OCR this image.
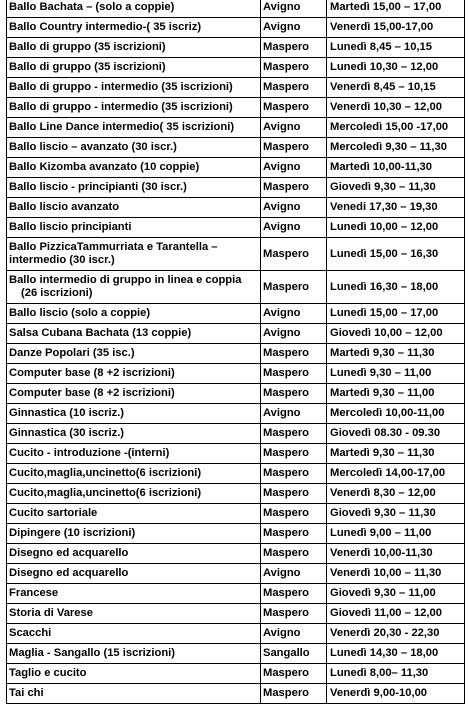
Ballo Bachata – (solo a coppie)	Avigno	Martedì 15,00 – 17,00
Ballo Country intermedio-( 35 iscriz)	Avigno	Venerdì 15,00-17,00
Ballo di gruppo (35 iscrizioni)	Maspero	Lunedì 8,45 – 10,15
Ballo di gruppo (35 iscrizioni)	Maspero	Lunedì 10,30 – 12,00
Ballo di gruppo - intermedio (35 iscrizioni)	Maspero	Venerdì 8,45 – 10,15
Ballo di gruppo - intermedio (35 iscrizioni)	Maspero	Venerdì 10,30 – 12,00
Ballo Line Dance intermedio( 35 iscrizioni)	Avigno	Mercoledì 15,00 -17,00
Ballo liscio – avanzato (30 iscr.)	Maspero	Mercoledì 9,30 – 11,30
Ballo Kizomba avanzato (10 coppie)	Avigno	Martedì 10,00-11,30
Ballo liscio - principianti (30 iscr.)	Maspero	Giovedì 9,30 – 11,30
Ballo liscio avanzato	Avigno	Venedi 17,30 – 19,30
Ballo liscio principianti	Avigno	Lunedì 10,00 – 12,00

Ballo PizzicaTammurriata e Tarantella –
intermedio (30 iscr.)	Maspero	Lunedì 15,00 – 16,30

Ballo intermedio di gruppo in linea e coppia
(26 iscrizioni)	Maspero	Lunedì 16,30 – 18,00
Ballo liscio (solo a coppie)	Avigno	Lunedì 15,00 – 17,00
Salsa Cubana Bachata (13 coppie)	Avigno	Giovedì 10,00 – 12,00
Danze Popolari (35 isc.)	Maspero	Martedì 9,30 – 11,30
Computer base (8 +2 iscrizioni)	Maspero	Lunedì 9,30 – 11,00
Computer base (8 +2 iscrizioni)	Maspero	Martedì 9,30 – 11,00
Ginnastica (10 iscriz.)	Avigno	Mercoledì 10,00-11,00
Ginnastica (30 iscriz.)	Maspero	Giovedì 08.30 - 09.30
Cucito - introduzione -(interni)	Maspero	Martedì 9,30 – 11,30
Cucito,maglia,uncinetto(6 iscrizioni)	Maspero	Mercoledì 14,00-17,00
Cucito,maglia,uncinetto(6 iscrizioni)	Maspero	Venerdì 8,30 – 12,00
Cucito sartoriale	Maspero	Giovedì 9,30 – 11,30
Dipingere (10 iscrizioni)	Maspero	Lunedì 9,00 – 11,00
Disegno ed acquarello	Maspero	Venerdì 10,00-11,30
Disegno ed acquarello	Avigno	Venerdì 10,00 – 11,30
Francese	Maspero	Giovedì 9,30 – 11,00
Storia di Varese	Maspero	Giovedì 11,00 – 12,00
Scacchi	Avigno	Venerdì 20,30 - 22,30
Maglia - Sangallo (15 iscrizioni)	Sangallo	Lunedì 14,30 – 18,00
Taglio e cucito	Maspero	Lunedì 8,00– 11,30
Tai chi	Maspero	Venerdì 9,00-10,00
